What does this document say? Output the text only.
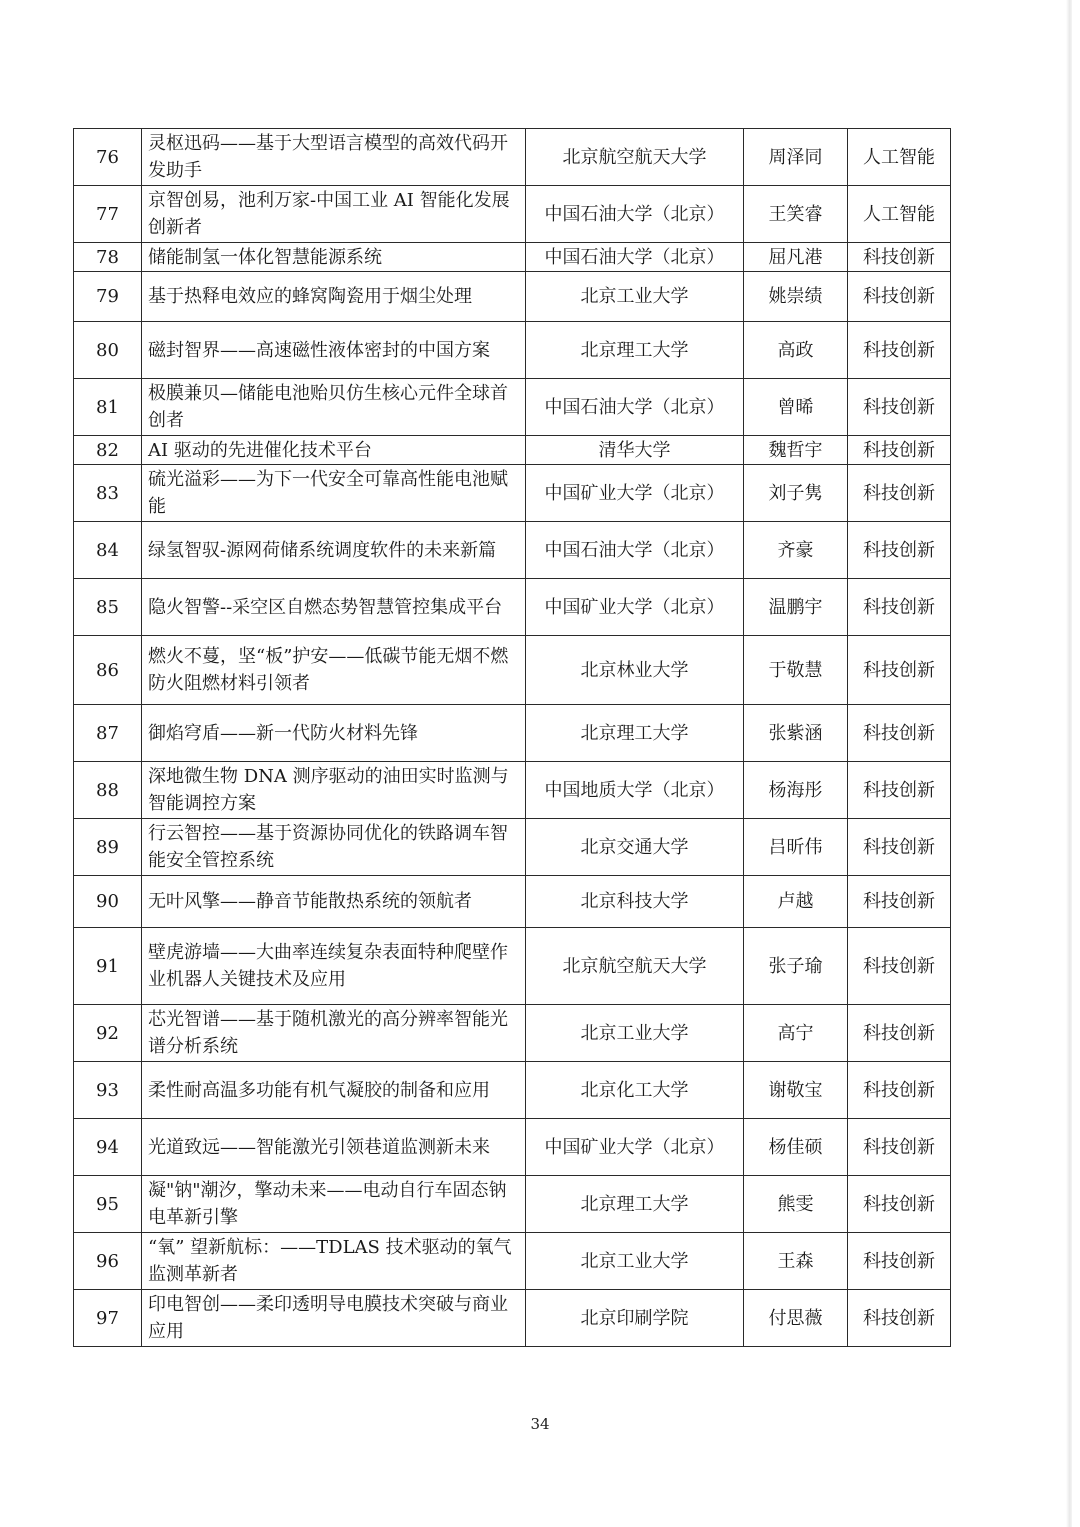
76	灵枢迅码——基于大型语言模型的高效代码开发助手	北京航空航天大学	周泽同	人工智能
77	京智创易，池利万家-中国工业 AI 智能化发展创新者	中国石油大学（北京）	王笑睿	人工智能
78	储能制氢一体化智慧能源系统	中国石油大学（北京）	屈凡港	科技创新
79	基于热释电效应的蜂窝陶瓷用于烟尘处理	北京工业大学	姚崇绩	科技创新
80	磁封智界——高速磁性液体密封的中国方案	北京理工大学	高政	科技创新
81	极膜兼贝—储能电池贻贝仿生核心元件全球首创者	中国石油大学（北京）	曾晞	科技创新
82	AI 驱动的先进催化技术平台	清华大学	魏哲宇	科技创新
83	硫光溢彩——为下一代安全可靠高性能电池赋能	中国矿业大学（北京）	刘子隽	科技创新
84	绿氢智驭-源网荷储系统调度软件的未来新篇	中国石油大学（北京）	齐豪	科技创新
85	隐火智警--采空区自燃态势智慧管控集成平台	中国矿业大学（北京）	温鹏宇	科技创新
86	燃火不蔓，坚“板”护安——低碳节能无烟不燃防火阻燃材料引领者	北京林业大学	于敬慧	科技创新
87	御焰穹盾——新一代防火材料先锋	北京理工大学	张紫涵	科技创新
88	深地微生物 DNA 测序驱动的油田实时监测与智能调控方案	中国地质大学（北京）	杨海彤	科技创新
89	行云智控——基于资源协同优化的铁路调车智能安全管控系统	北京交通大学	吕昕伟	科技创新
90	无叶风擎——静音节能散热系统的领航者	北京科技大学	卢越	科技创新
91	壁虎游墙——大曲率连续复杂表面特种爬壁作业机器人关键技术及应用	北京航空航天大学	张子瑜	科技创新
92	芯光智谱——基于随机激光的高分辨率智能光谱分析系统	北京工业大学	高宁	科技创新
93	柔性耐高温多功能有机气凝胶的制备和应用	北京化工大学	谢敬宝	科技创新
94	光道致远——智能激光引领巷道监测新未来	中国矿业大学（北京）	杨佳硕	科技创新
95	凝"钠"潮汐，擎动未来——电动自行车固态钠电革新引擎	北京理工大学	熊雯	科技创新
96	“氧” 望新航标：——TDLAS 技术驱动的氧气监测革新者	北京工业大学	王森	科技创新
97	印电智创——柔印透明导电膜技术突破与商业应用	北京印刷学院	付思薇	科技创新
34
